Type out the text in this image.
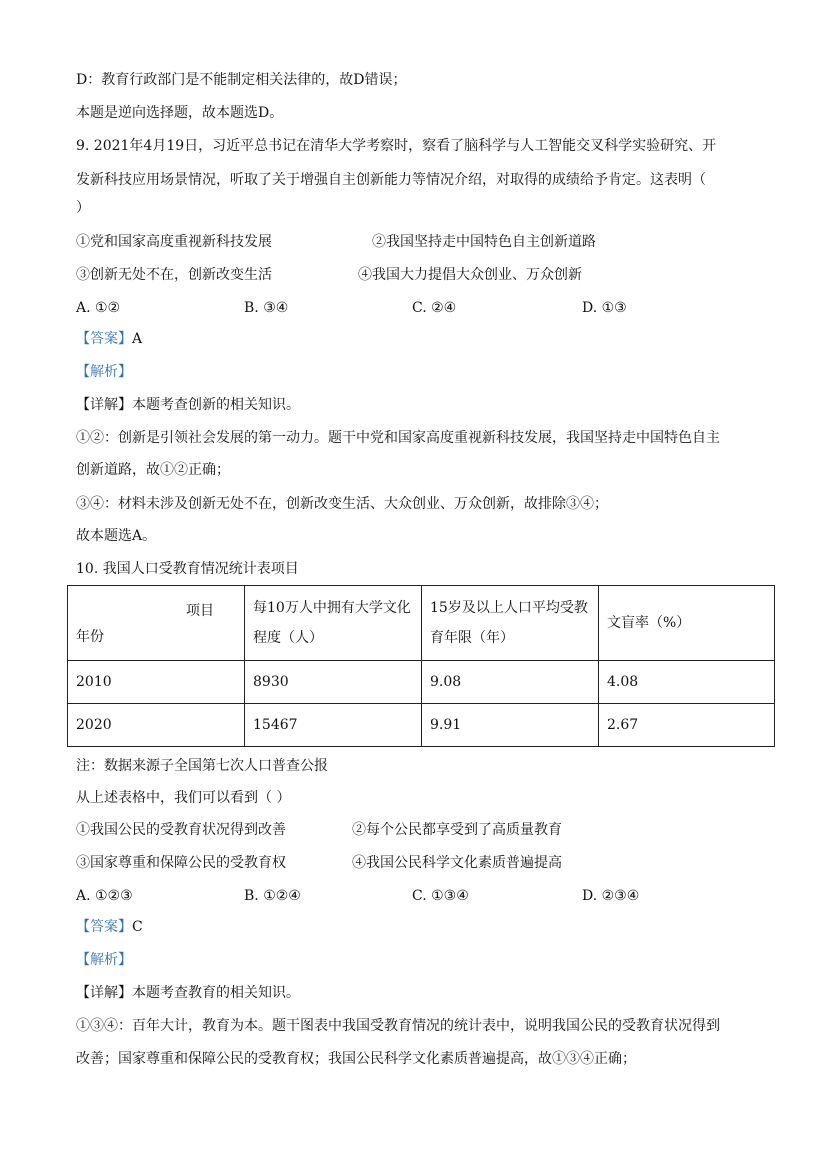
D：教育行政部门是不能制定相关法律的，故D错误；
本题是逆向选择题，故本题选D。
9. 2021年4月19日，习近平总书记在清华大学考察时，察看了脑科学与人工智能交叉科学实验研究、开
发新科技应用场景情况，听取了关于增强自主创新能力等情况介绍，对取得的成绩给予肯定。这表明（
）
①党和国家高度重视新科技发展	②我国坚持走中国特色自主创新道路
③创新无处不在，创新改变生活	④我国大力提倡大众创业、万众创新
A. ①②	B. ③④	C. ②④	D. ①③
【答案】A
【解析】
【详解】本题考查创新的相关知识。
①②：创新是引领社会发展的第一动力。题干中党和国家高度重视新科技发展，我国坚持走中国特色自主
创新道路，故①②正确；
③④：材料未涉及创新无处不在，创新改变生活、大众创业、万众创新，故排除③④；
故本题选A。
10. 我国人口受教育情况统计表项目
项目
年份	每10万人中拥有大学文化程度（人）	15岁及以上人口平均受教育年限（年）	文盲率（%）
2010	8930	9.08	4.08
2020	15467	9.91	2.67
注：数据来源子全国第七次人口普查公报
从上述表格中，我们可以看到（ ）
①我国公民的受教育状况得到改善	②每个公民都享受到了高质量教育
③国家尊重和保障公民的受教育权	④我国公民科学文化素质普遍提高
A. ①②③	B. ①②④	C. ①③④	D. ②③④
【答案】C
【解析】
【详解】本题考查教育的相关知识。
①③④：百年大计，教育为本。题干图表中我国受教育情况的统计表中，说明我国公民的受教育状况得到
改善；国家尊重和保障公民的受教育权；我国公民科学文化素质普遍提高，故①③④正确；
